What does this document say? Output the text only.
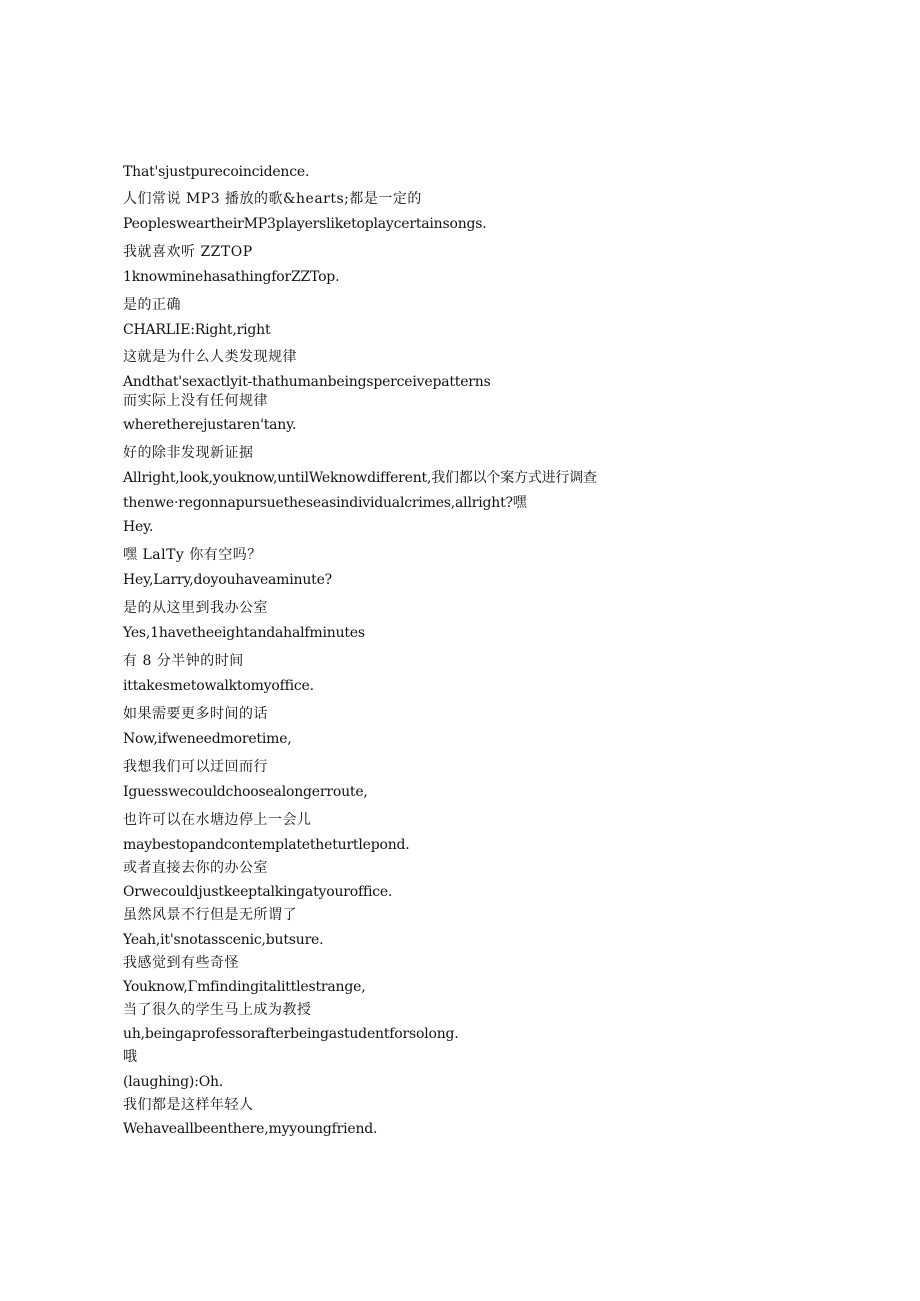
That'sjustpurecoincidence.
人们常说 MP3 播放的歌&hearts;都是一定的
PeoplesweartheirMP3playersliketoplaycertainsongs.
我就喜欢听 ZZTOP
1knowminehasathingforZZTop.
是的正确
CHARLIE:Right,right
这就是为什么人类发现规律
Andthat'sexactlyit-thathumanbeingsperceivepatterns
而实际上没有任何规律
wheretherejustaren'tany.
好的除非发现新证据
Allright,look,youknow,untilWeknowdifferent,我们都以个案方式进行调查
thenwe·regonnapursuetheseasindividualcrimes,allright?嘿
Hey.
嘿 LalTy 你有空吗？
Hey,Larry,doyouhaveaminute?
是的从这里到我办公室
Yes,1havetheeightandahalfminutes
有 8 分半钟的时间
ittakesmetowalktomyoffice.
如果需要更多时间的话
Now,ifweneedmoretime,
我想我们可以迂回而行
Iguesswecouldchoosealongerroute,
也许可以在水塘边停上一会儿
maybestopandcontemplatetheturtlepond.
或者直接去你的办公室
Orwecouldjustkeeptalkingatyouroffice.
虽然风景不行但是无所谓了
Yeah,it'snotasscenic,butsure.
我感觉到有些奇怪
Youknow,Γmfindingitalittlestrange,
当了很久的学生马上成为教授
uh,beingaprofessorafterbeingastudentforsolong.
哦
(laughing):Oh.
我们都是这样年轻人
Wehaveallbeenthere,myyoungfriend.
